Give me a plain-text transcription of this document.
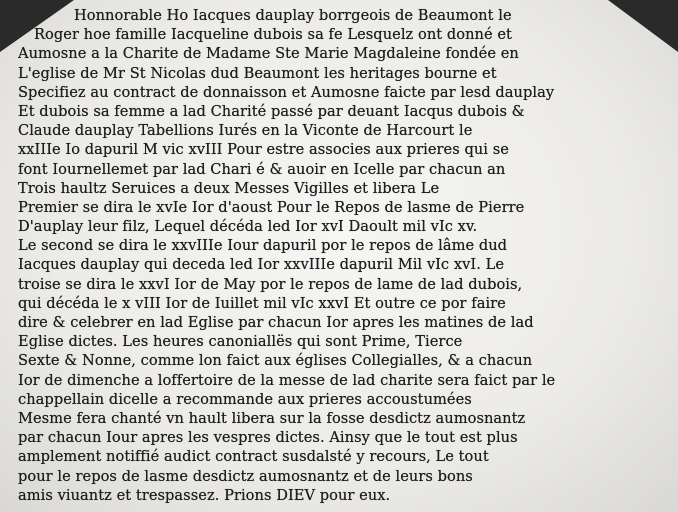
Honnorable Ho Iacques dauplay borrgeois de Beaumont le
Roger hoe famille Iacqueline dubois sa fe Lesquelz ont donné et
Aumosne a la Charite de Madame Ste Marie Magdaleine fondée en
L'eglise de Mr St Nicolas dud Beaumont les heritages bourne et
Specifiez au contract de donnaisson et Aumosne faicte par lesd dauplay
Et dubois sa femme a lad Charité passé par deuant Iacqus dubois &
Claude dauplay Tabellions Iurés en la Viconte de Harcourt le
xxIIIe Io dapuril M vic xvIII Pour estre associes aux prieres qui se
font Iournellemet par lad Chari é & auoir en Icelle par chacun an
Trois haultz Seruices a deux Messes Vigilles et libera Le
Premier se dira le xvIe Ior d'aoust Pour le Repos de lasme de Pierre
D'auplay leur filz, Lequel décéda led Ior xvI Daoult mil vIc xv.
Le second se dira le xxvIIIe Iour dapuril por le repos de lâme dud
Iacques dauplay qui deceda led Ior xxvIIIe dapuril Mil vIc xvI. Le
troise se dira le xxvI Ior de May por le repos de lame de lad dubois,
qui décéda le x vIII Ior de Iuillet mil vIc xxvI Et outre ce por faire
dire & celebrer en lad Eglise par chacun Ior apres les matines de lad
Eglise dictes. Les heures canoniallës qui sont Prime, Tierce
Sexte & Nonne, comme lon faict aux églises Collegialles, & a chacun
Ior de dimenche a loffertoire de la messe de lad charite sera faict par le
chappellain dicelle a recommande aux prieres accoustumées
Mesme fera chanté vn hault libera sur la fosse desdictz aumosnantz
par chacun Iour apres les vespres dictes. Ainsy que le tout est plus
amplement notiffié audict contract susdalsté y recours, Le tout
pour le repos de lasme desdictz aumosnantz et de leurs bons
amis viuantz et trespassez. Prions DIEV pour eux.
